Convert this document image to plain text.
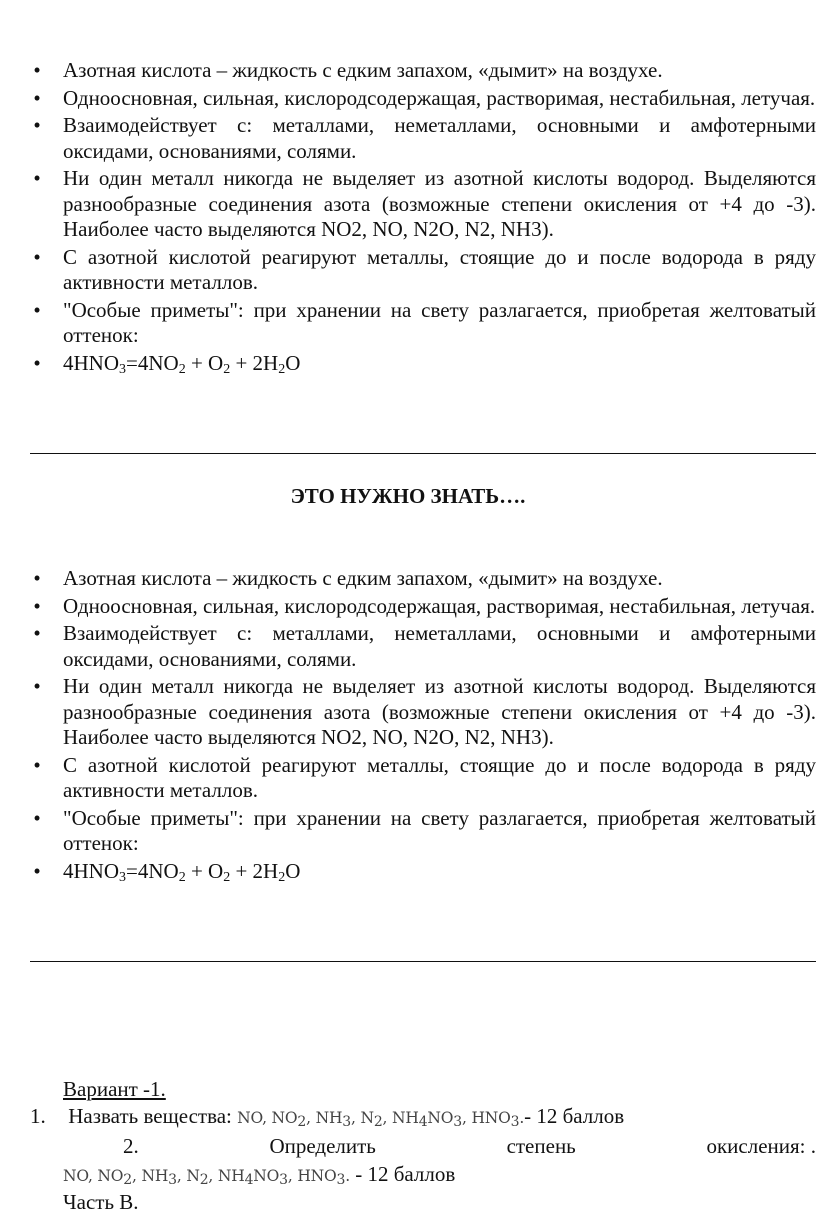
• Азотная кислота – жидкость с едким запахом, «дымит» на воздухе.
• Одноосновная, сильная, кислородсодержащая, растворимая, нестабильная, летучая.
• Взаимодействует с: металлами, неметаллами, основными и амфотерными оксидами, основаниями, солями.
• Ни один металл никогда не выделяет из азотной кислоты водород. Выделяются разнообразные соединения азота (возможные степени окисления от +4 до -3). Наиболее часто выделяются NO2, NO, N2O, N2, NH3).
• С азотной кислотой реагируют металлы, стоящие до и после водорода в ряду активности металлов.
• "Особые приметы": при хранении на свету разлагается, приобретая желтоватый оттенок:
• $4HNO_3=4NO_2 + O_2 + 2H_2O$
ЭТО НУЖНО ЗНАТЬ….
• Азотная кислота – жидкость с едким запахом, «дымит» на воздухе.
• Одноосновная, сильная, кислородсодержащая, растворимая, нестабильная, летучая.
• Взаимодействует с: металлами, неметаллами, основными и амфотерными оксидами, основаниями, солями.
• Ни один металл никогда не выделяет из азотной кислоты водород. Выделяются разнообразные соединения азота (возможные степени окисления от +4 до -3). Наиболее часто выделяются NO2, NO, N2O, N2, NH3).
• С азотной кислотой реагируют металлы, стоящие до и после водорода в ряду активности металлов.
• "Особые приметы": при хранении на свету разлагается, приобретая желтоватый оттенок:
• $4HNO_3=4NO_2 + O_2 + 2H_2O$
Вариант -1.
1. Назвать вещества: NO, $NO_2$, $NH_3$, $N_2$, $NH_4NO_3$, $HNO_3.-$ 12 баллов
2.	Определить	степень	окисления: .
NO, $NO_2$, $NH_3$, $N_2$, $NH_4NO_3$, $HNO_3$. - 12 баллов
Часть В.
